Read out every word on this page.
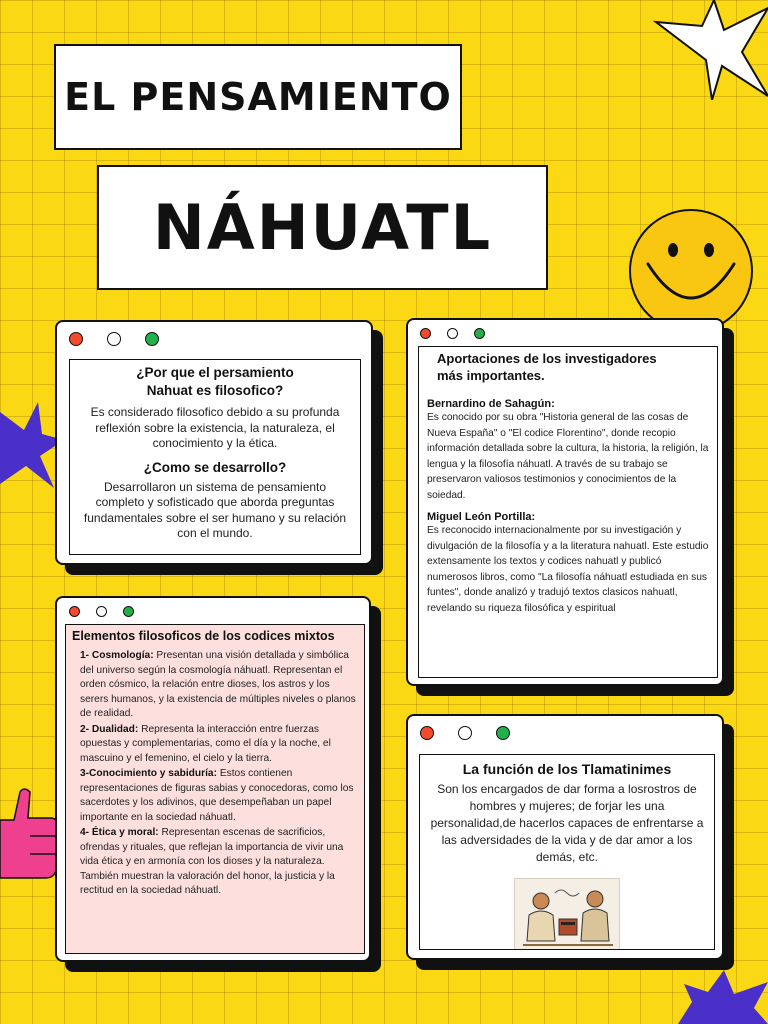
EL PENSAMIENTO
NÁHUATL
¿Por que el persamiento Nahuat es filosofico?
Es considerado filosofico debido a su profunda reflexión sobre la existencia, la naturaleza, el conocimiento y la ética.
¿Como se desarrollo?
Desarrollaron un sistema de pensamiento completo y sofisticado que abordа preguntas fundamentales sobre el ser humano y su relación con el mundo.
Aportaciones de los investigadores más importantes.
Bernardino de Sahagún:
Es conocido por su obra "Historia general de las cosas de Nueva España" o "El codice Florentino", donde recopio información detallada sobre la cultura, la historia, la religión, la lengua y la filosofía náhuatl. A través de su trabajo se preservaron valiosos testimonios y conocimientos de la soiedad.
Miguel León Portilla:
Es reconocido internacionalmente por su investigación y divulgación de la filosofía y a la literatura nahuatl. Este estudio extensamente los textos y codices nahuatl y publicó numerosos libros, como "La filosofía náhuatl estudiada en sus funtes", donde analizó y tradujó textos clasicos nahuatl, revelando su riqueza filosófica y espiritual
Elementos filosoficos de los codices mixtos
1- Cosmología: Presentan una visión detallada y simbólica del universo según la cosmología náhuatl. Representan el orden cósmico, la relación entre dioses, los astros y los serers humanos, y la existencia de múltiples niveles o planos de realidad.
2- Dualidad: Representa la interacción entre fuerzas opuestas y complementarias, como el día y la noche, el mascuino y el femenino, el cielo y la tierra.
3-Conocimiento y sabiduría: Estos contienen representaciones de figuras sabias y conocedoras, como los sacerdotes y los adivinos, que desempeñaban un papel importante en la sociedad náhuatl.
4- Ética y moral: Representan escenas de sacrificios, ofrendas y rituales, que reflejan la importancia de vivir una vida ética y en armonía con los dioses y la naturaleza. También muestran la valoración del honor, la justicia y la rectitud en la sociedad náhuatl.
La función de los Tlamatinimes
Son los encargados de dar forma a losrostros de hombres y mujeres; de forjar les una personalidad,de hacerlos capaces de enfrentarse a las adversidades de la vida y de dar amor a los demás, etc.
